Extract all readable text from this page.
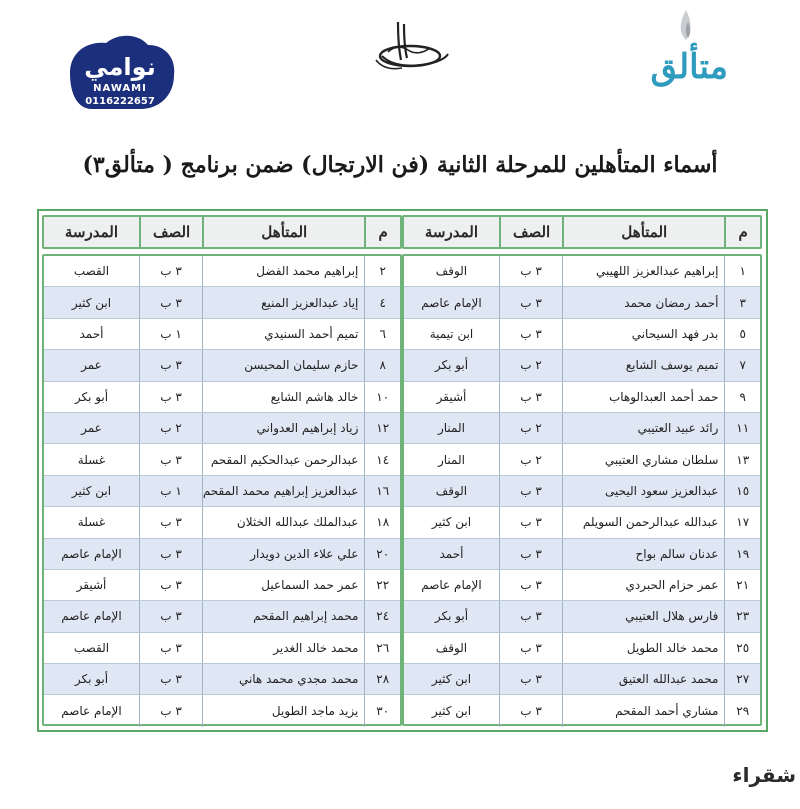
متألق
نوامي
NAWAMI
0116222657
أسماء المتأهلين للمرحلة الثانية (فن الارتجال) ضمن برنامج ( متألق٣)
م
المتأهل
الصف
المدرسة
١
إبراهيم عبدالعزيز اللهيبي
٣ ب
الوقف
٣
أحمد رمضان محمد
٣ ب
الإمام عاصم
٥
بدر فهد السيحاني
٣ ب
ابن تيمية
٧
تميم يوسف الشايع
٢ ب
أبو بكر
٩
حمد أحمد العبدالوهاب
٣ ب
أشيقر
١١
رائد عبيد العتيبي
٢ ب
المنار
١٣
سلطان مشاري العتيبي
٢ ب
المنار
١٥
عبدالعزيز سعود اليحيى
٣ ب
الوقف
١٧
عبدالله عبدالرحمن السويلم
٣ ب
ابن كثير
١٩
عدنان سالم بواح
٣ ب
أحمد
٢١
عمر حزام الحبردي
٣ ب
الإمام عاصم
٢٣
فارس هلال العتيبي
٣ ب
أبو بكر
٢٥
محمد خالد الطويل
٣ ب
الوقف
٢٧
محمد عبدالله العتيق
٣ ب
ابن كثير
٢٩
مشاري أحمد المقحم
٣ ب
ابن كثير
م
المتأهل
الصف
المدرسة
٢
إبراهيم محمد الفضل
٣ ب
القصب
٤
إياد عبدالعزيز المنيع
٣ ب
ابن كثير
٦
تميم أحمد السنيدي
١ ب
أحمد
٨
حازم سليمان المحيسن
٣ ب
عمر
١٠
خالد هاشم الشايع
٣ ب
أبو بكر
١٢
زياد إبراهيم العدواني
٢ ب
عمر
١٤
عبدالرحمن عبدالحكيم المقحم
٣ ب
غسلة
١٦
عبدالعزيز إبراهيم محمد المقحم
١ ب
ابن كثير
١٨
عبدالملك عبدالله الخثلان
٣ ب
غسلة
٢٠
علي علاء الدين دويدار
٣ ب
الإمام عاصم
٢٢
عمر حمد السماعيل
٣ ب
أشيقر
٢٤
محمد إبراهيم المقحم
٣ ب
الإمام عاصم
٢٦
محمد خالد الغدير
٣ ب
القصب
٢٨
محمد مجدي محمد هاني
٣ ب
أبو بكر
٣٠
يزيد ماجد الطويل
٣ ب
الإمام عاصم
شقراء
